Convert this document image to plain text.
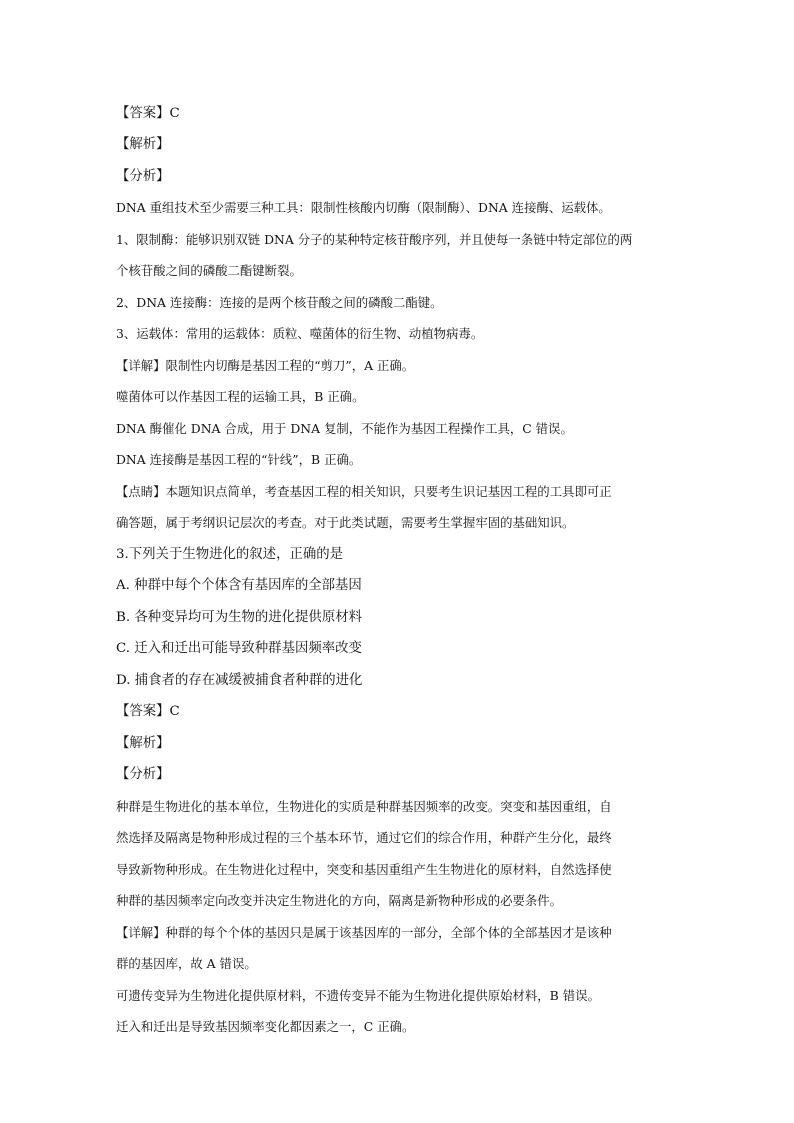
【答案】C
【解析】
【分析】
DNA 重组技术至少需要三种工具：限制性核酸内切酶（限制酶）、DNA 连接酶、运载体。
1、限制酶：能够识别双链 DNA 分子的某种特定核苷酸序列，并且使每一条链中特定部位的两
个核苷酸之间的磷酸二酯键断裂。
2、DNA 连接酶：连接的是两个核苷酸之间的磷酸二酯键。
3、运载体：常用的运载体：质粒、噬菌体的衍生物、动植物病毒。
【详解】限制性内切酶是基因工程的“剪刀”，A 正确。
噬菌体可以作基因工程的运输工具，B 正确。
DNA 酶催化 DNA 合成，用于 DNA 复制，不能作为基因工程操作工具，C 错误。
DNA 连接酶是基因工程的“针线”，B 正确。
【点睛】本题知识点简单，考查基因工程的相关知识，只要考生识记基因工程的工具即可正
确答题，属于考纲识记层次的考查。对于此类试题，需要考生掌握牢固的基础知识。
3.下列关于生物进化的叙述，正确的是
A. 种群中每个个体含有基因库的全部基因
B. 各种变异均可为生物的进化提供原材料
C. 迁入和迁出可能导致种群基因频率改变
D. 捕食者的存在减缓被捕食者种群的进化
【答案】C
【解析】
【分析】
种群是生物进化的基本单位，生物进化的实质是种群基因频率的改变。突变和基因重组，自
然选择及隔离是物种形成过程的三个基本环节，通过它们的综合作用，种群产生分化，最终
导致新物种形成。在生物进化过程中，突变和基因重组产生生物进化的原材料，自然选择使
种群的基因频率定向改变并决定生物进化的方向，隔离是新物种形成的必要条件。
【详解】种群的每个个体的基因只是属于该基因库的一部分，全部个体的全部基因才是该种
群的基因库，故 A 错误。
可遗传变异为生物进化提供原材料，不遗传变异不能为生物进化提供原始材料，B 错误。
迁入和迁出是导致基因频率变化都因素之一，C 正确。
